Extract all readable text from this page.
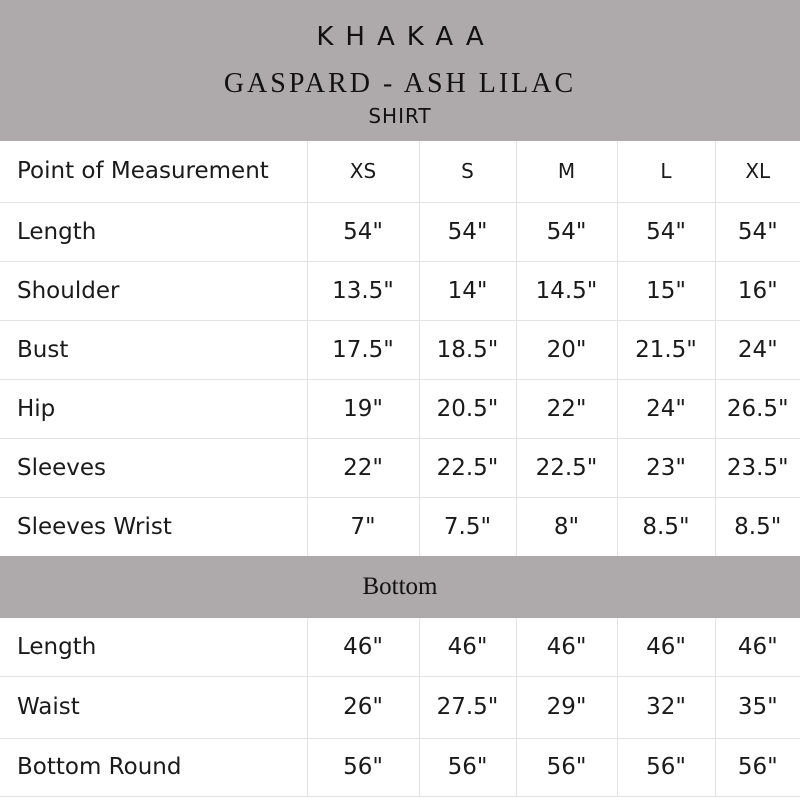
KHAKAA
GASPARD - ASH LILAC
SHIRT
Point of Measurement	XS	S	M	L	XL
Length	54"	54"	54"	54"	54"
Shoulder	13.5"	14"	14.5"	15"	16"
Bust	17.5"	18.5"	20"	21.5"	24"
Hip	19"	20.5"	22"	24"	26.5"
Sleeves	22"	22.5"	22.5"	23"	23.5"
Sleeves Wrist	7"	7.5"	8"	8.5"	8.5"
Bottom
Length	46"	46"	46"	46"	46"
Waist	26"	27.5"	29"	32"	35"
Bottom Round	56"	56"	56"	56"	56"
